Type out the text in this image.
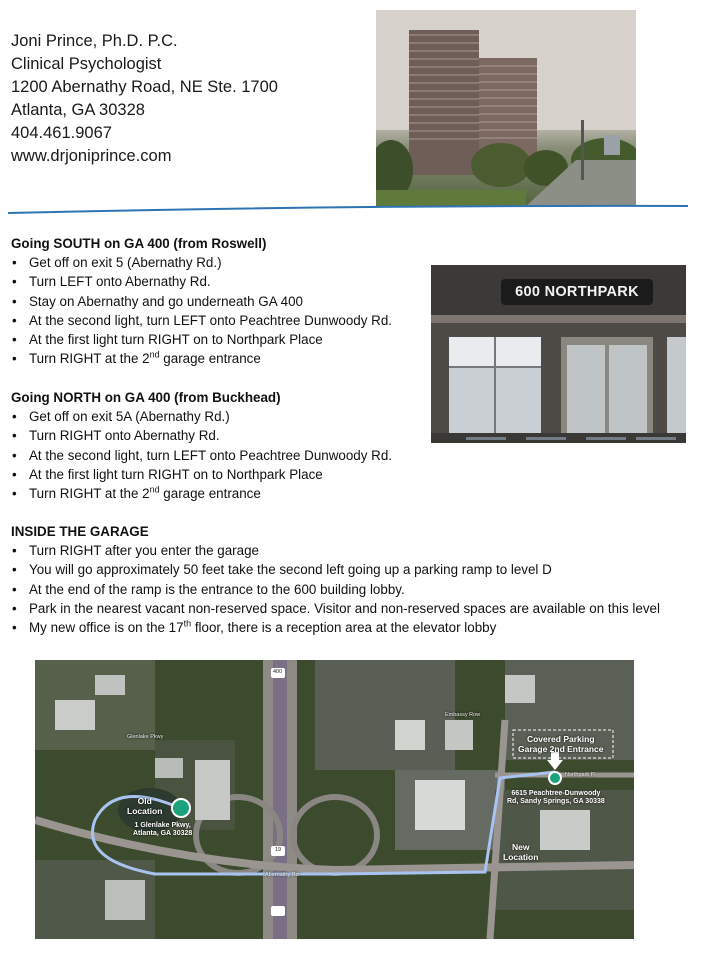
Joni Prince, Ph.D. P.C.
Clinical Psychologist
1200 Abernathy Road, NE Ste. 1700
Atlanta, GA 30328
404.461.9067
www.drjoniprince.com
Going SOUTH on GA 400 (from Roswell)
• Get off on exit 5 (Abernathy Rd.)
• Turn LEFT onto Abernathy Rd.
• Stay on Abernathy and go underneath GA 400
• At the second light, turn LEFT onto Peachtree Dunwoody Rd.
• At the first light turn RIGHT on to Northpark Place
• Turn RIGHT at the 2nd garage entrance
Going NORTH on GA 400 (from Buckhead)
• Get off on exit 5A (Abernathy Rd.)
• Turn RIGHT onto Abernathy Rd.
• At the second light, turn LEFT onto Peachtree Dunwoody Rd.
• At the first light turn RIGHT on to Northpark Place
• Turn RIGHT at the 2nd garage entrance
600 NORTHPARK
INSIDE THE GARAGE
• Turn RIGHT after you enter the garage
• You will go approximately 50 feet take the second left going up a parking ramp to level D
• At the end of the ramp is the entrance to the 600 building lobby.
• Park in the nearest vacant non-reserved space. Visitor and non-reserved spaces are available on this level
• My new office is on the 17th floor, there is a reception area at the elevator lobby
Old
Location
1 Glenlake Pkwy,
Atlanta, GA 30328
Covered Parking
Garage 2nd Entrance
6615 Peachtree-Dunwoody
Rd, Sandy Springs, GA 30338
New
Location
Glenlake Pkwy
Abernathy Rd
Northpark Pl
Embassy Row
400
19
